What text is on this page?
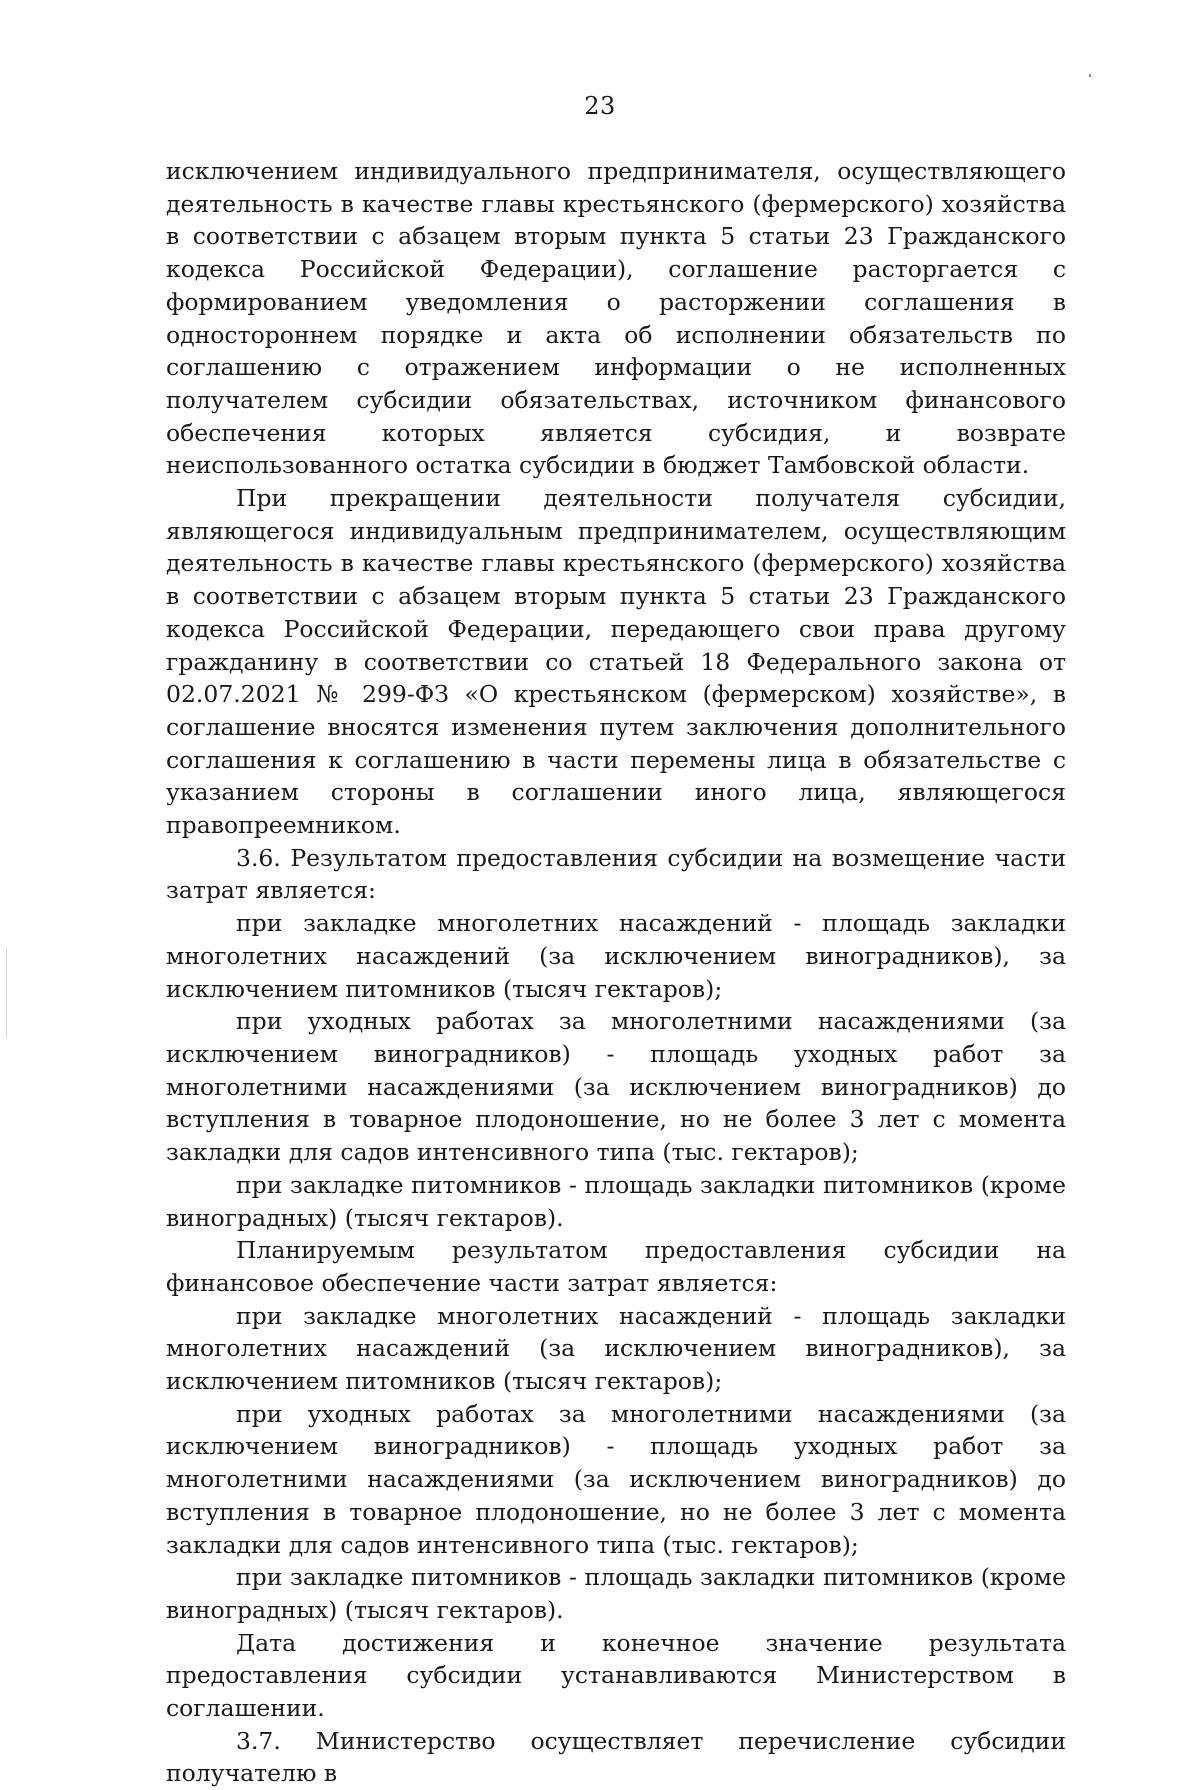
23

исключением индивидуального предпринимателя, осуществляющего деятельность в качестве главы крестьянского (фермерского) хозяйства в соответствии с абзацем вторым пункта 5 статьи 23 Гражданского кодекса Российской Федерации), соглашение расторгается с формированием уведомления о расторжении соглашения в одностороннем порядке и акта об исполнении обязательств по соглашению с отражением информации о не исполненных получателем субсидии обязательствах, источником финансового обеспечения которых является субсидия, и возврате неиспользованного остатка субсидии в бюджет Тамбовской области.

При прекращении деятельности получателя субсидии, являющегося индивидуальным предпринимателем, осуществляющим деятельность в качестве главы крестьянского (фермерского) хозяйства в соответствии с абзацем вторым пункта 5 статьи 23 Гражданского кодекса Российской Федерации, передающего свои права другому гражданину в соответствии со статьей 18 Федерального закона от 02.07.2021 № 299-ФЗ «О крестьянском (фермерском) хозяйстве», в соглашение вносятся изменения путем заключения дополнительного соглашения к соглашению в части перемены лица в обязательстве с указанием стороны в соглашении иного лица, являющегося правопреемником.

3.6. Результатом предоставления субсидии на возмещение части затрат является:

при закладке многолетних насаждений - площадь закладки многолетних насаждений (за исключением виноградников), за исключением питомников (тысяч гектаров);

при уходных работах за многолетними насаждениями (за исключением виноградников) - площадь уходных работ за многолетними насаждениями (за исключением виноградников) до вступления в товарное плодоношение, но не более 3 лет с момента закладки для садов интенсивного типа (тыс. гектаров);

при закладке питомников - площадь закладки питомников (кроме виноградных) (тысяч гектаров).

Планируемым результатом предоставления субсидии на финансовое обеспечение части затрат является:

при закладке многолетних насаждений - площадь закладки многолетних насаждений (за исключением виноградников), за исключением питомников (тысяч гектаров);

при уходных работах за многолетними насаждениями (за исключением виноградников) - площадь уходных работ за многолетними насаждениями (за исключением виноградников) до вступления в товарное плодоношение, но не более 3 лет с момента закладки для садов интенсивного типа (тыс. гектаров);

при закладке питомников - площадь закладки питомников (кроме виноградных) (тысяч гектаров).

Дата достижения и конечное значение результата предоставления субсидии устанавливаются Министерством в соглашении.

3.7. Министерство осуществляет перечисление субсидии получателю в
